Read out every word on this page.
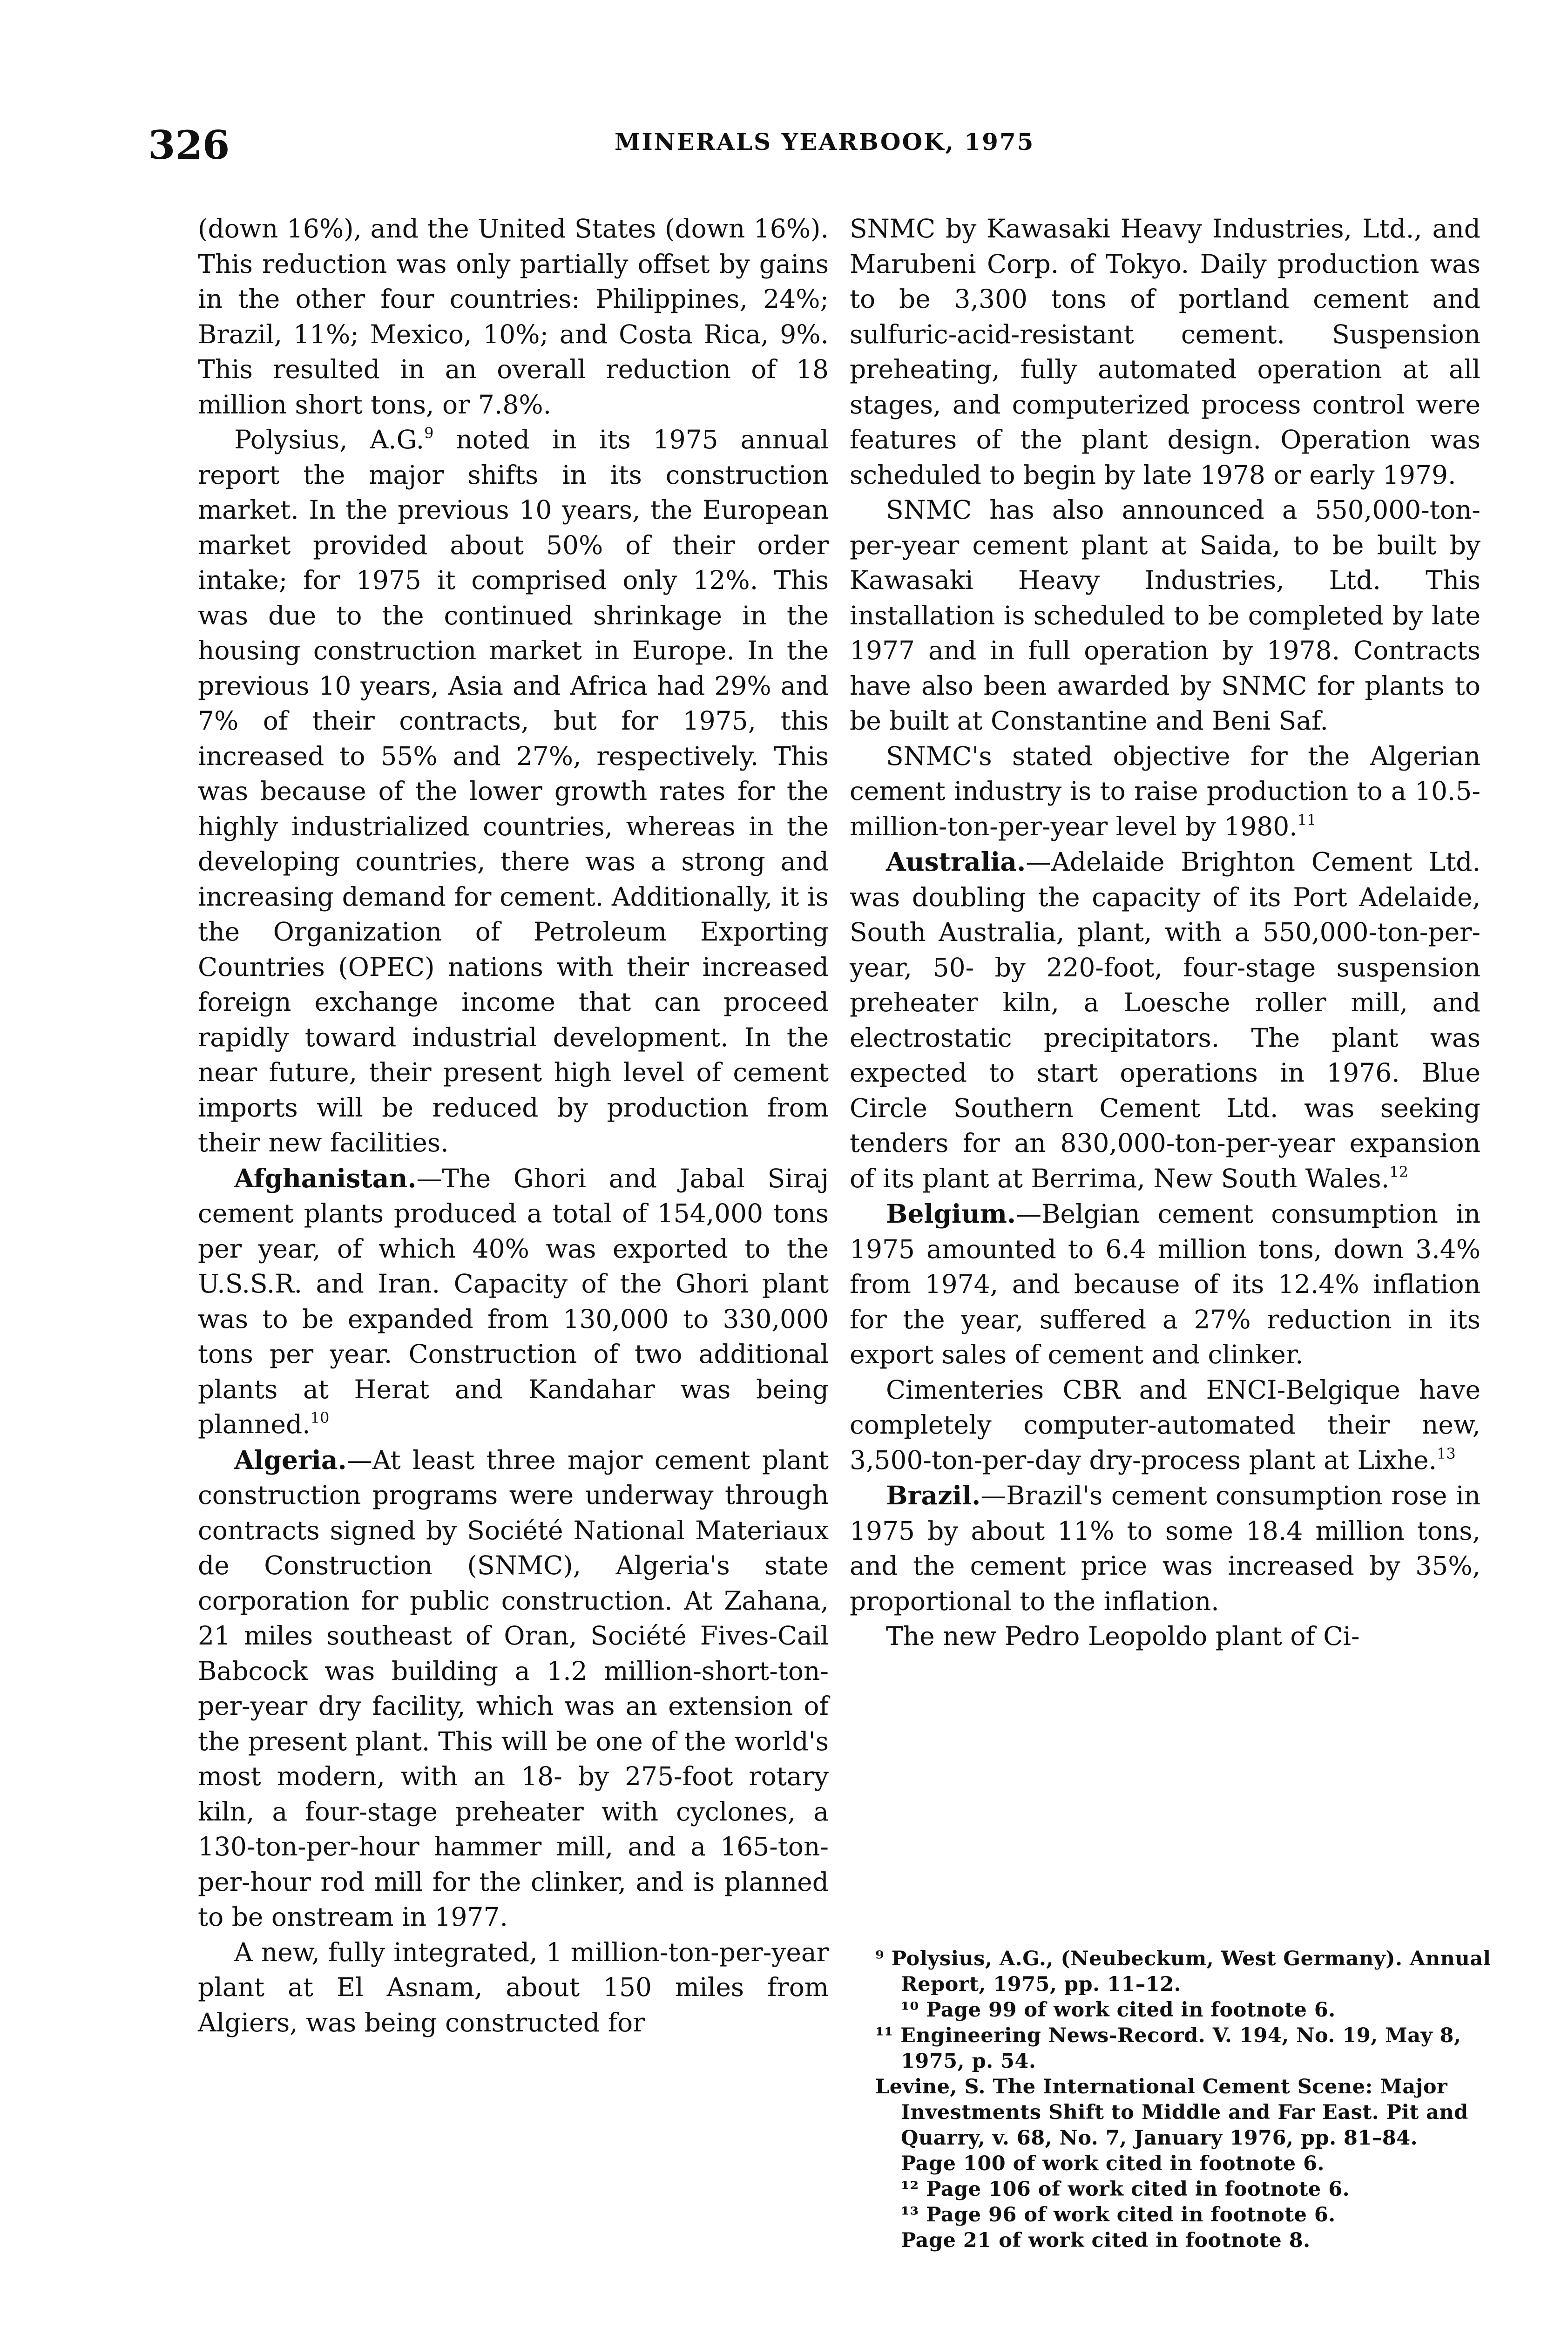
326	MINERALS YEARBOOK, 1975

(down 16%), and the United States (down 16%). This reduction was only partially offset by gains in the other four countries: Philippines, 24%; Brazil, 11%; Mexico, 10%; and Costa Rica, 9%. This resulted in an overall reduction of 18 million short tons, or 7.8%.

Polysius, A.G.$^9$ noted in its 1975 annual report the major shifts in its construction market. In the previous 10 years, the European market provided about 50% of their order intake; for 1975 it comprised only 12%. This was due to the continued shrinkage in the housing construction market in Europe. In the previous 10 years, Asia and Africa had 29% and 7% of their contracts, but for 1975, this increased to 55% and 27%, respectively. This was because of the lower growth rates for the highly industrialized countries, whereas in the developing countries, there was a strong and increasing demand for cement. Additionally, it is the Organization of Petroleum Exporting Countries (OPEC) nations with their increased foreign exchange income that can proceed rapidly toward industrial development. In the near future, their present high level of cement imports will be reduced by production from their new facilities.

Afghanistan.—The Ghori and Jabal Siraj cement plants produced a total of 154,000 tons per year, of which 40% was exported to the U.S.S.R. and Iran. Capacity of the Ghori plant was to be expanded from 130,000 to 330,000 tons per year. Construction of two additional plants at Herat and Kandahar was being planned.$^{10}$

Algeria.—At least three major cement plant construction programs were underway through contracts signed by Société National Materiaux de Construction (SNMC), Algeria's state corporation for public construction. At Zahana, 21 miles southeast of Oran, Société Fives-Cail Babcock was building a 1.2 million-short-ton-per-year dry facility, which was an extension of the present plant. This will be one of the world's most modern, with an 18- by 275-foot rotary kiln, a four-stage preheater with cyclones, a 130-ton-per-hour hammer mill, and a 165-ton-per-hour rod mill for the clinker, and is planned to be onstream in 1977.

A new, fully integrated, 1 million-ton-per-year plant at El Asnam, about 150 miles from Algiers, was being constructed for

SNMC by Kawasaki Heavy Industries, Ltd., and Marubeni Corp. of Tokyo. Daily production was to be 3,300 tons of portland cement and sulfuric-acid-resistant cement. Suspension preheating, fully automated operation at all stages, and computerized process control were features of the plant design. Operation was scheduled to begin by late 1978 or early 1979.

SNMC has also announced a 550,000-ton-per-year cement plant at Saida, to be built by Kawasaki Heavy Industries, Ltd. This installation is scheduled to be completed by late 1977 and in full operation by 1978. Contracts have also been awarded by SNMC for plants to be built at Constantine and Beni Saf.

SNMC's stated objective for the Algerian cement industry is to raise production to a 10.5-million-ton-per-year level by 1980.11

Australia.—Adelaide Brighton Cement Ltd. was doubling the capacity of its Port Adelaide, South Australia, plant, with a 550,000-ton-per-year, 50- by 220-foot, four-stage suspension preheater kiln, a Loesche roller mill, and electrostatic precipitators. The plant was expected to start operations in 1976. Blue Circle Southern Cement Ltd. was seeking tenders for an 830,000-ton-per-year expansion of its plant at Berrima, New South Wales.$^{12}$

Belgium.—Belgian cement consumption in 1975 amounted to 6.4 million tons, down 3.4% from 1974, and because of its 12.4% inflation for the year, suffered a 27% reduction in its export sales of cement and clinker.

Cimenteries CBR and ENCI-Belgique have completely computer-automated their new, 3,500-ton-per-day dry-process plant at Lixhe.$^{13}$

Brazil.—Brazil's cement consumption rose in 1975 by about 11% to some 18.4 million tons, and the cement price was increased by 35%, proportional to the inflation.

The new Pedro Leopoldo plant of Ci-

⁹ Polysius, A.G., (Neubeckum, West Germany). Annual Report, 1975, pp. 11–12.

¹⁰ Page 99 of work cited in footnote 6.

¹¹ Engineering News-Record. V. 194, No. 19, May 8, 1975, p. 54.

Levine, S. The International Cement Scene: Major Investments Shift to Middle and Far East. Pit and Quarry, v. 68, No. 7, January 1976, pp. 81–84.

Page 100 of work cited in footnote 6.

¹² Page 106 of work cited in footnote 6.

¹³ Page 96 of work cited in footnote 6.

Page 21 of work cited in footnote 8.
